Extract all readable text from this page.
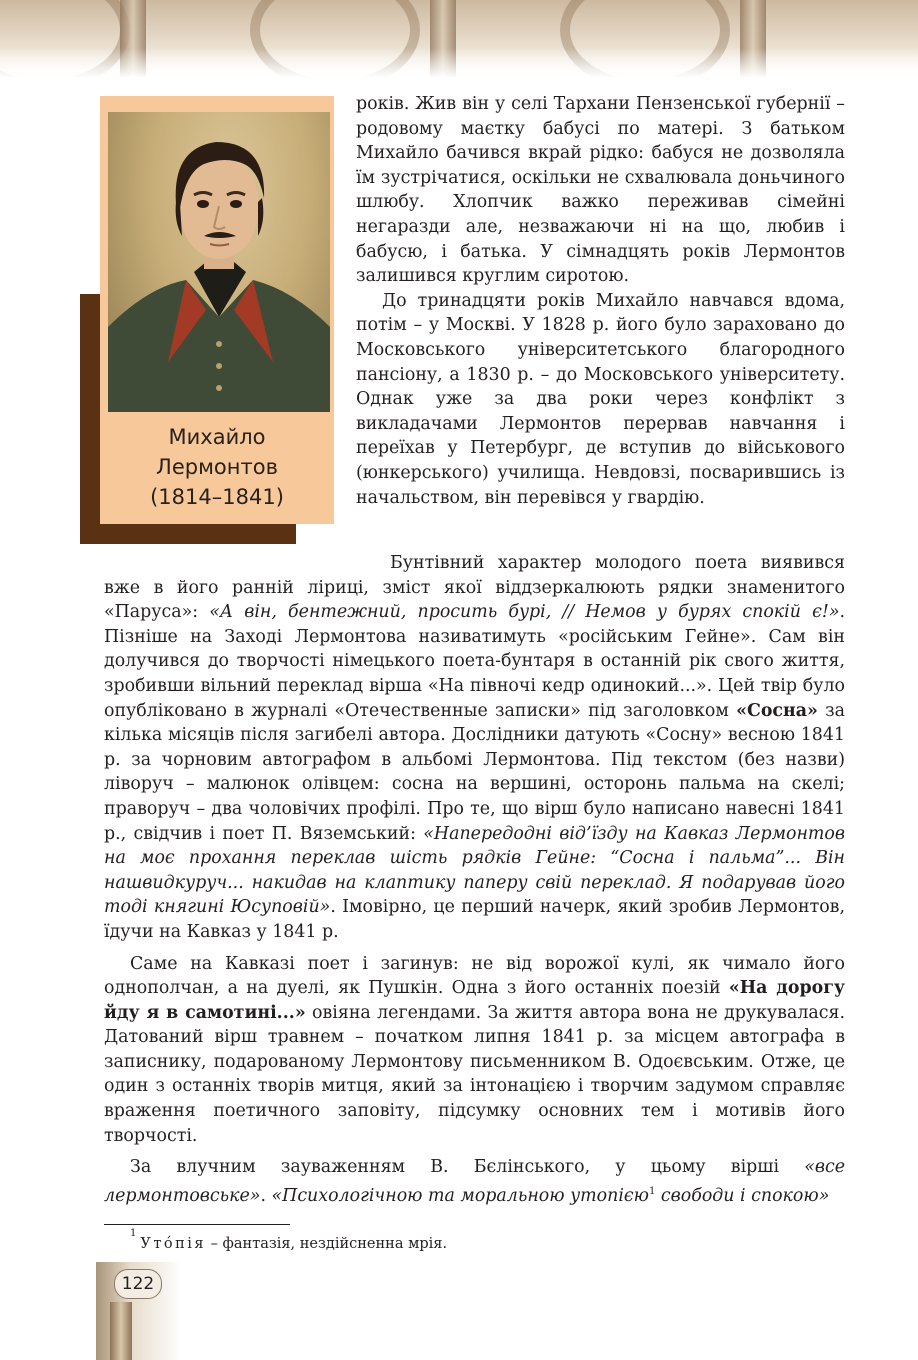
Михайло
Лермонтов
(1814–1841)

років. Жив він у селі Тархани Пензенської губернії – родовому маєтку бабусі по матері. З батьком Михайло бачився вкрай рідко: бабуся не дозволяла їм зустрічатися, оскільки не схвалювала доньчиного шлюбу. Хлопчик важко переживав сімейні негаразди але, незважаючи ні на що, любив і бабусю, і батька. У сімнадцять років Лермонтов залишився круглим сиротою.

До тринадцяти років Михайло навчався вдома, потім – у Москві. У 1828 р. його було зараховано до Московського університетського благородного пансіону, а 1830 р. – до Московського університету. Однак уже за два роки через конфлікт з викладачами Лермонтов перервав навчання і переїхав у Петербург, де вступив до військового (юнкерського) училища. Невдовзі, посварившись із начальством, він перевівся у гвардію.

Бунтівний характер молодого поета виявився вже в його ранній ліриці, зміст якої віддзеркалюють рядки знаменитого «Паруса»: «А він, бентежний, просить бурі, // Немов у бурях спокій є!». Пізніше на Заході Лермонтова називатимуть «російським Гейне». Сам він долучився до творчості німецького поета-бунтаря в останній рік свого життя, зробивши вільний переклад вірша «На півночі кедр одинокий...». Цей твір було опубліковано в журналі «Отечественные записки» під заголовком «Сосна» за кілька місяців після загибелі автора. Дослідники датують «Сосну» весною 1841 р. за чорновим автографом в альбомі Лермонтова. Під текстом (без назви) ліворуч – малюнок олівцем: сосна на вершині, осторонь пальма на скелі; праворуч – два чоловічих профілі. Про те, що вірш було написано навесні 1841 р., свідчив і поет П. Вяземський: «Напередодні від’їзду на Кавказ Лермонтов на моє прохання переклав шість рядків Гейне: “Сосна і пальма”... Він нашвидкуруч... накидав на клаптику паперу свій переклад. Я подарував його тоді княгині Юсуповій». Імовірно, це перший начерк, який зробив Лермонтов, їдучи на Кавказ у 1841 р.

Саме на Кавказі поет і загинув: не від ворожої кулі, як чимало його однополчан, а на дуелі, як Пушкін. Одна з його останніх поезій «На дорогу йду я в самотині...» овіяна легендами. За життя автора вона не друкувалася. Датований вірш травнем – початком липня 1841 р. за місцем автографа в записнику, подарованому Лермонтову письменником В. Одоєвським. Отже, це один з останніх творів митця, який за інтонацією і творчим задумом справляє враження поетичного заповіту, підсумку основних тем і мотивів його творчості.

За влучним зауваженням В. Бєлінського, у цьому вірші «все лермонтовське». «Психологічною та моральною утопією$^1$ свободи і спокою»

$^1$Утóпія – фантазія, нездійсненна мрія.
122
